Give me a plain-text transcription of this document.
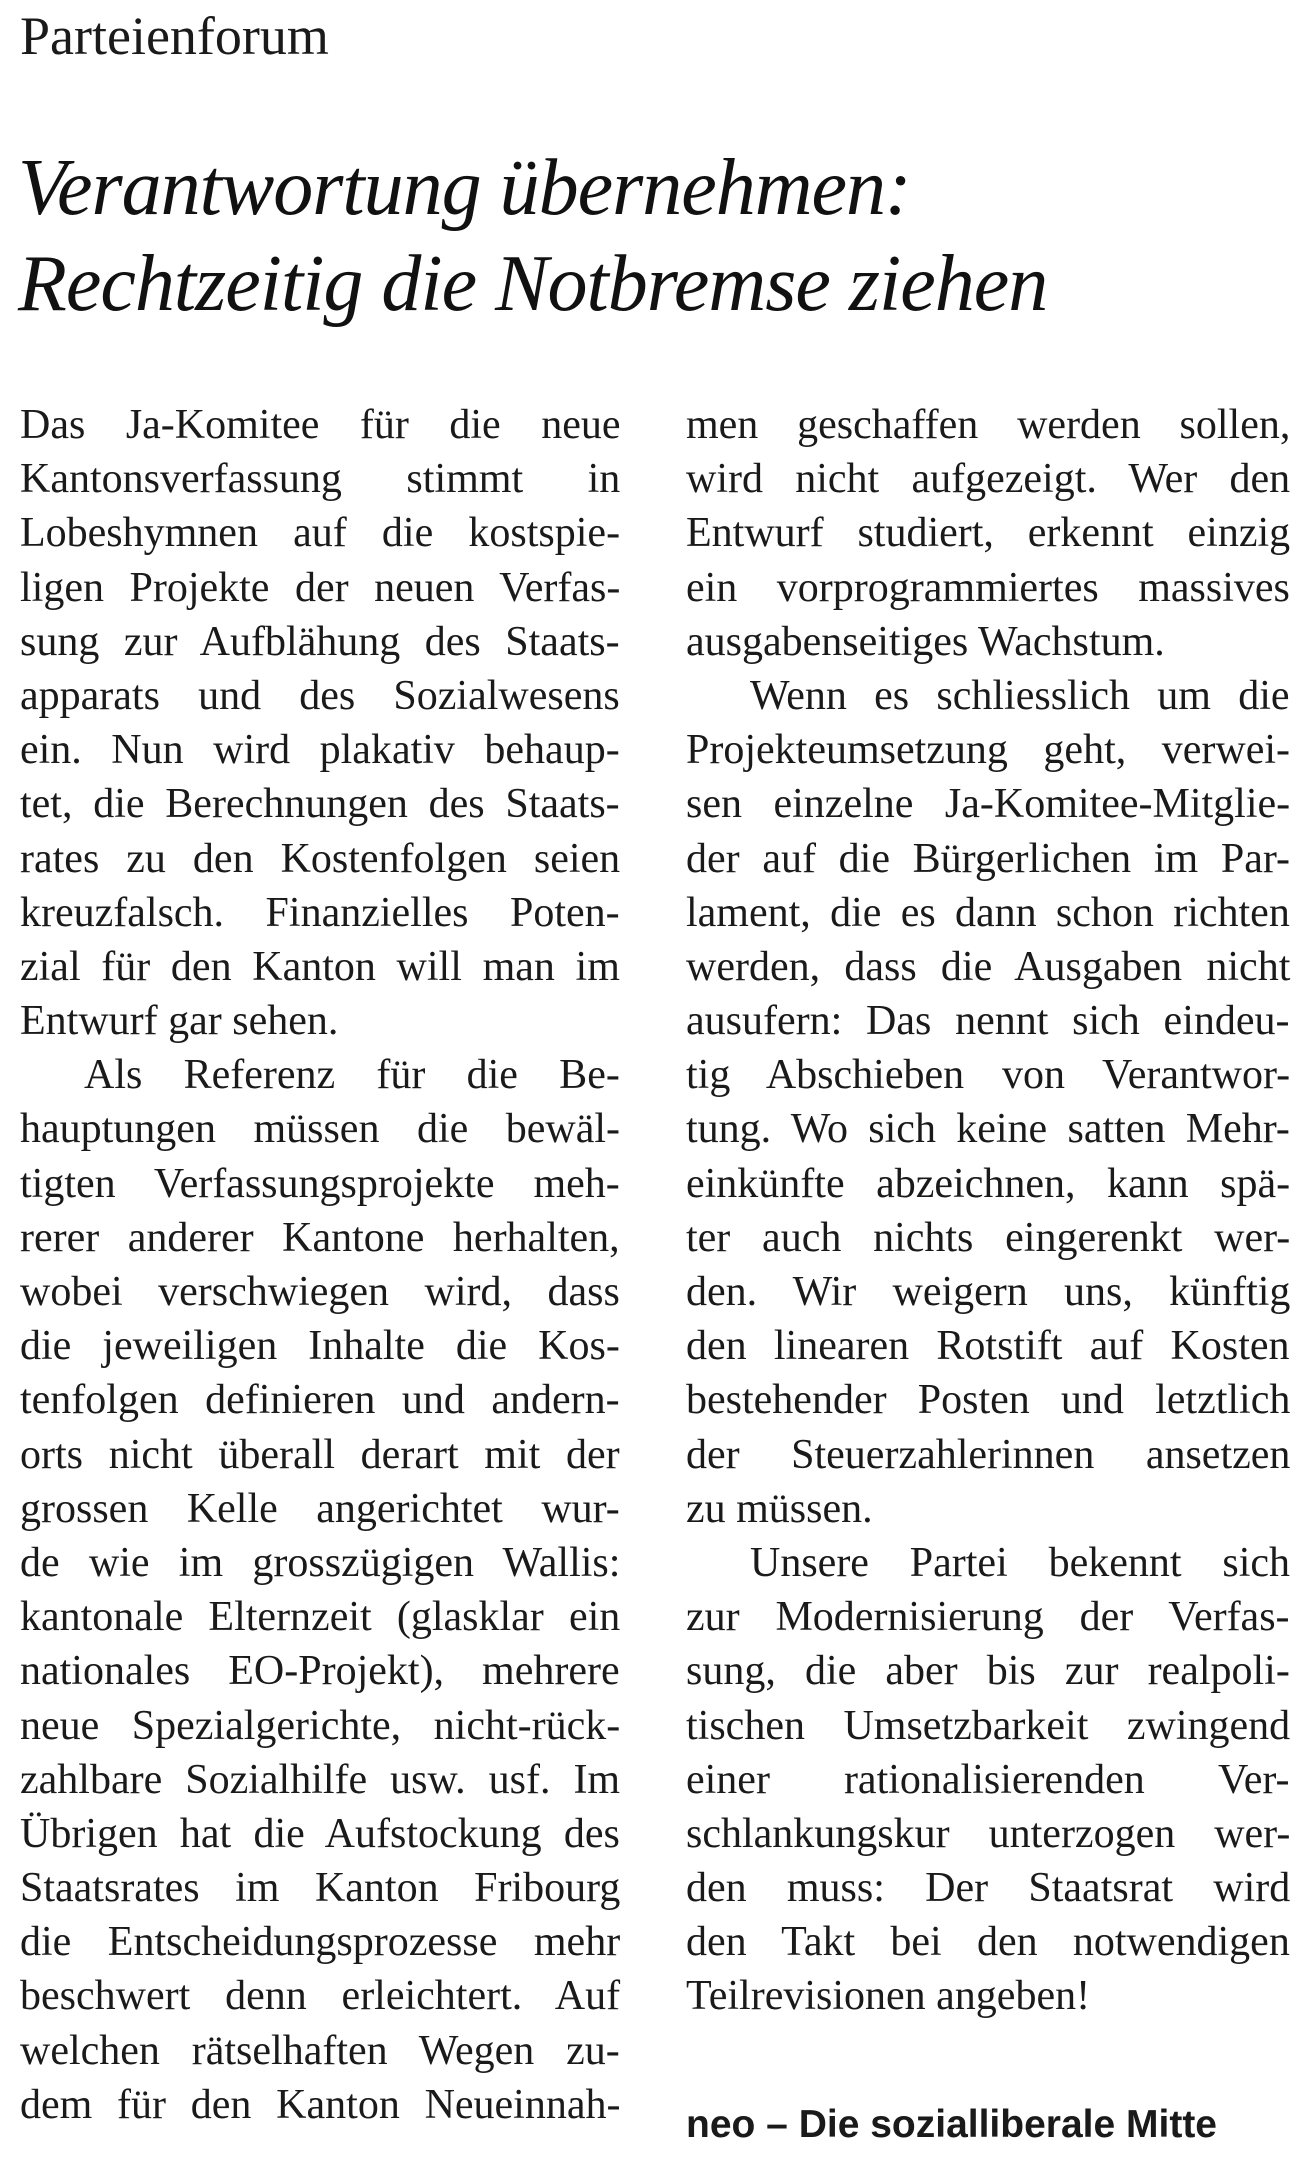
Parteienforum
Verantwortung übernehmen:
Rechtzeitig die Notbremse ziehen
Das Ja-Komitee für die neue
Kantonsverfassung stimmt in
Lobeshymnen auf die kostspie-
ligen Projekte der neuen Verfas-
sung zur Aufblähung des Staats-
apparats und des Sozialwesens
ein. Nun wird plakativ behaup-
tet, die Berechnungen des Staats-
rates zu den Kostenfolgen seien
kreuzfalsch. Finanzielles Poten-
zial für den Kanton will man im
Entwurf gar sehen.
Als Referenz für die Be-
hauptungen müssen die bewäl-
tigten Verfassungsprojekte meh-
rerer anderer Kantone herhalten,
wobei verschwiegen wird, dass
die jeweiligen Inhalte die Kos-
tenfolgen definieren und andern-
orts nicht überall derart mit der
grossen Kelle angerichtet wur-
de wie im grosszügigen Wallis:
kantonale Elternzeit (glasklar ein
nationales EO-Projekt), mehrere
neue Spezialgerichte, nicht-rück-
zahlbare Sozialhilfe usw. usf. Im
Übrigen hat die Aufstockung des
Staatsrates im Kanton Fribourg
die Entscheidungsprozesse mehr
beschwert denn erleichtert. Auf
welchen rätselhaften Wegen zu-
dem für den Kanton Neueinnah-
men geschaffen werden sollen,
wird nicht aufgezeigt. Wer den
Entwurf studiert, erkennt einzig
ein vorprogrammiertes massives
ausgabenseitiges Wachstum.
Wenn es schliesslich um die
Projekteumsetzung geht, verwei-
sen einzelne Ja-Komitee-Mitglie-
der auf die Bürgerlichen im Par-
lament, die es dann schon richten
werden, dass die Ausgaben nicht
ausufern: Das nennt sich eindeu-
tig Abschieben von Verantwor-
tung. Wo sich keine satten Mehr-
einkünfte abzeichnen, kann spä-
ter auch nichts eingerenkt wer-
den. Wir weigern uns, künftig
den linearen Rotstift auf Kosten
bestehender Posten und letztlich
der Steuerzahlerinnen ansetzen
zu müssen.
Unsere Partei bekennt sich
zur Modernisierung der Verfas-
sung, die aber bis zur realpoli-
tischen Umsetzbarkeit zwingend
einer rationalisierenden Ver-
schlankungskur unterzogen wer-
den muss: Der Staatsrat wird
den Takt bei den notwendigen
Teilrevisionen angeben!
neo – Die sozialliberale Mitte
